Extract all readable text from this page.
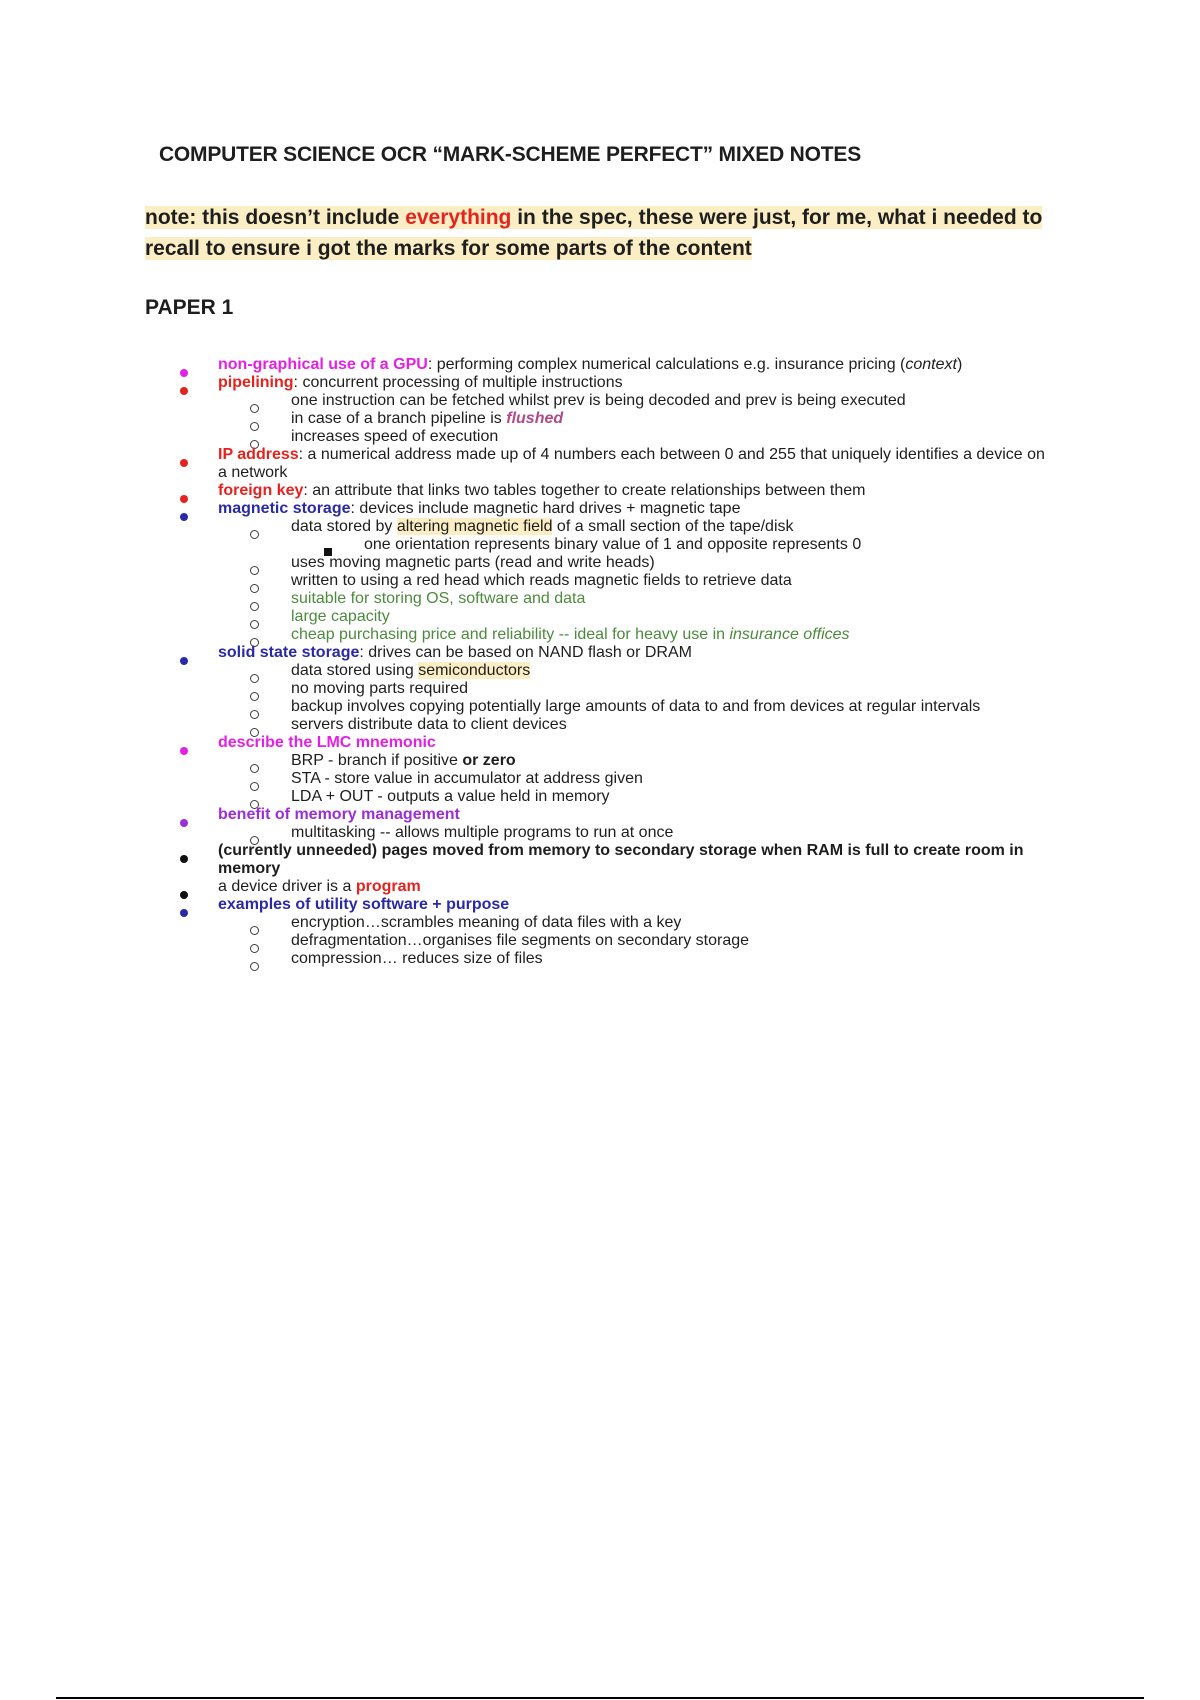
COMPUTER SCIENCE OCR “MARK-SCHEME PERFECT” MIXED NOTES
note: this doesn’t include everything in the spec, these were just, for me, what i needed to recall to ensure i got the marks for some parts of the content
PAPER 1
non-graphical use of a GPU: performing complex numerical calculations e.g. insurance pricing (context)
pipelining: concurrent processing of multiple instructions
one instruction can be fetched whilst prev is being decoded and prev is being executed
in case of a branch pipeline is flushed
increases speed of execution
IP address: a numerical address made up of 4 numbers each between 0 and 255 that uniquely identifies a device on a network
foreign key: an attribute that links two tables together to create relationships between them
magnetic storage: devices include magnetic hard drives + magnetic tape
data stored by altering magnetic field of a small section of the tape/disk
one orientation represents binary value of 1 and opposite represents 0
uses moving magnetic parts (read and write heads)
written to using a red head which reads magnetic fields to retrieve data
suitable for storing OS, software and data
large capacity
cheap purchasing price and reliability -- ideal for heavy use in insurance offices
solid state storage: drives can be based on NAND flash or DRAM
data stored using semiconductors
no moving parts required
backup involves copying potentially large amounts of data to and from devices at regular intervals
servers distribute data to client devices
describe the LMC mnemonic
BRP - branch if positive or zero
STA - store value in accumulator at address given
LDA + OUT - outputs a value held in memory
benefit of memory management
multitasking -- allows multiple programs to run at once
(currently unneeded) pages moved from memory to secondary storage when RAM is full to create room in memory
a device driver is a program
examples of utility software + purpose
encryption…scrambles meaning of data files with a key
defragmentation…organises file segments on secondary storage
compression… reduces size of files
